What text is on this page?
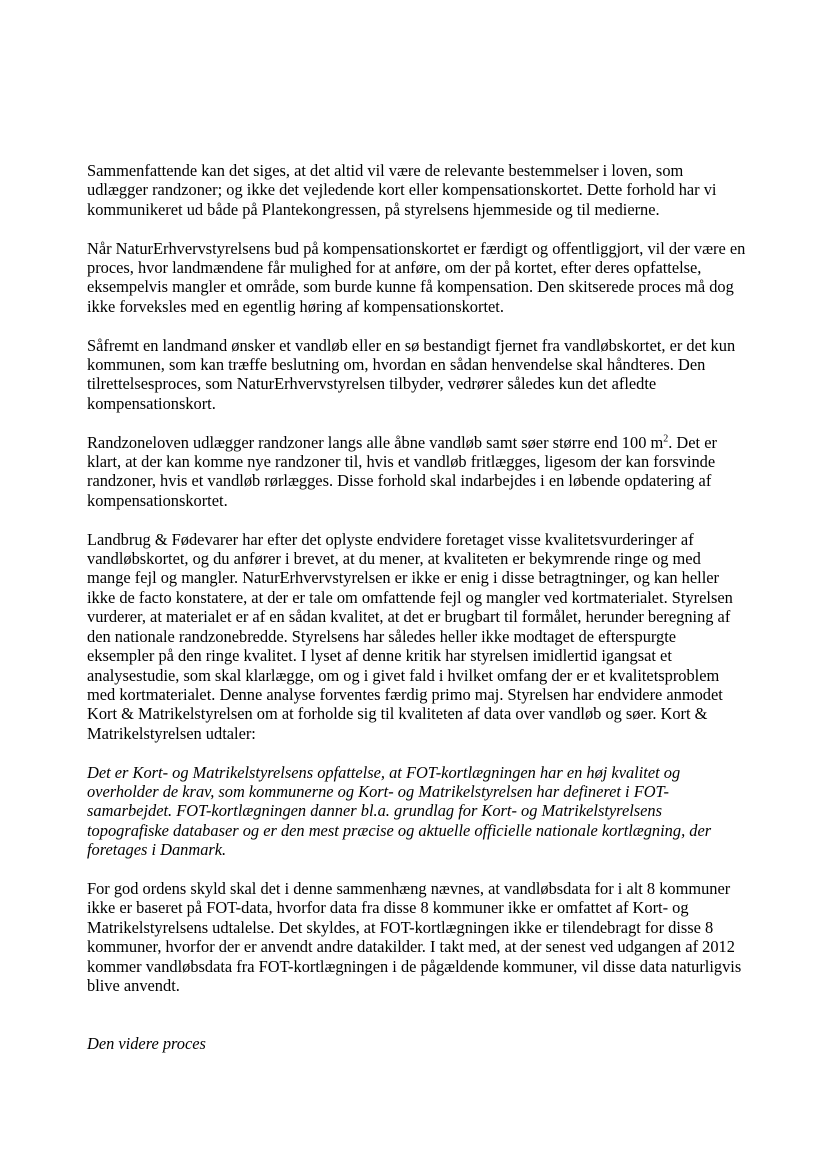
Sammenfattende kan det siges, at det altid vil være de relevante bestemmelser i loven, som
udlægger randzoner; og ikke det vejledende kort eller kompensationskortet. Dette forhold har vi
kommunikeret ud både på Plantekongressen, på styrelsens hjemmeside og til medierne.

Når NaturErhvervstyrelsens bud på kompensationskortet er færdigt og offentliggjort, vil der være en
proces, hvor landmændene får mulighed for at anføre, om der på kortet, efter deres opfattelse,
eksempelvis mangler et område, som burde kunne få kompensation. Den skitserede proces må dog
ikke forveksles med en egentlig høring af kompensationskortet.

Såfremt en landmand ønsker et vandløb eller en sø bestandigt fjernet fra vandløbskortet, er det kun
kommunen, som kan træffe beslutning om, hvordan en sådan henvendelse skal håndteres. Den
tilrettelsesproces, som NaturErhvervstyrelsen tilbyder, vedrører således kun det afledte
kompensationskort.

Randzoneloven udlægger randzoner langs alle åbne vandløb samt søer større end 100 $m^2$. Det er
klart, at der kan komme nye randzoner til, hvis et vandløb fritlægges, ligesom der kan forsvinde
randzoner, hvis et vandløb rørlægges. Disse forhold skal indarbejdes i en løbende opdatering af
kompensationskortet.

Landbrug & Fødevarer har efter det oplyste endvidere foretaget visse kvalitetsvurderinger af
vandløbskortet, og du anfører i brevet, at du mener, at kvaliteten er bekymrende ringe og med
mange fejl og mangler. NaturErhvervstyrelsen er ikke er enig i disse betragtninger, og kan heller
ikke de facto konstatere, at der er tale om omfattende fejl og mangler ved kortmaterialet. Styrelsen
vurderer, at materialet er af en sådan kvalitet, at det er brugbart til formålet, herunder beregning af
den nationale randzonebredde. Styrelsens har således heller ikke modtaget de efterspurgte
eksempler på den ringe kvalitet. I lyset af denne kritik har styrelsen imidlertid igangsat et
analysestudie, som skal klarlægge, om og i givet fald i hvilket omfang der er et kvalitetsproblem
med kortmaterialet. Denne analyse forventes færdig primo maj. Styrelsen har endvidere anmodet
Kort & Matrikelstyrelsen om at forholde sig til kvaliteten af data over vandløb og søer. Kort &
Matrikelstyrelsen udtaler:

Det er Kort- og Matrikelstyrelsens opfattelse, at FOT-kortlægningen har en høj kvalitet og
overholder de krav, som kommunerne og Kort- og Matrikelstyrelsen har defineret i FOT-
samarbejdet. FOT-kortlægningen danner bl.a. grundlag for Kort- og Matrikelstyrelsens
topografiske databaser og er den mest præcise og aktuelle officielle nationale kortlægning, der
foretages i Danmark.

For god ordens skyld skal det i denne sammenhæng nævnes, at vandløbsdata for i alt 8 kommuner
ikke er baseret på FOT-data, hvorfor data fra disse 8 kommuner ikke er omfattet af Kort- og
Matrikelstyrelsens udtalelse. Det skyldes, at FOT-kortlægningen ikke er tilendebragt for disse 8
kommuner, hvorfor der er anvendt andre datakilder. I takt med, at der senest ved udgangen af 2012
kommer vandløbsdata fra FOT-kortlægningen i de pågældende kommuner, vil disse data naturligvis
blive anvendt.

Den videre proces
